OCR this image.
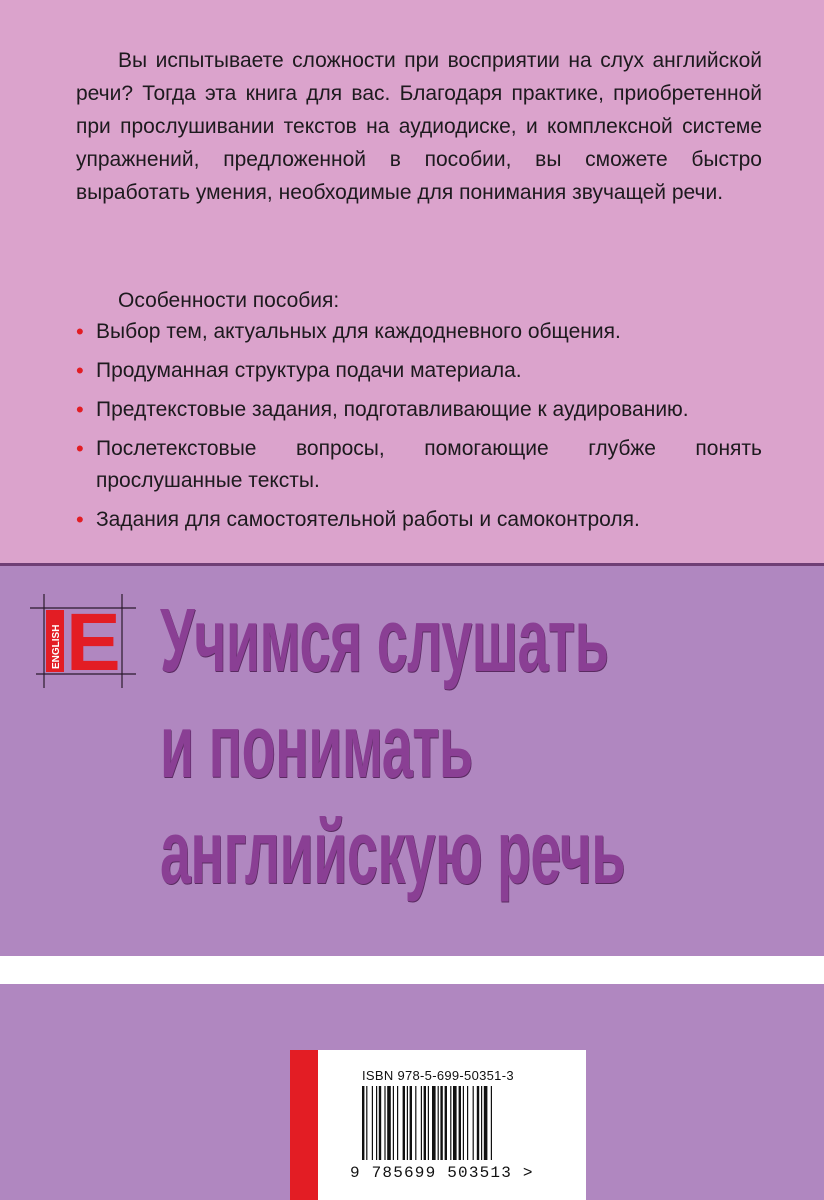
Вы испытываете сложности при восприятии на слух английской речи? Тогда эта книга для вас. Благодаря практике, приобретенной при прослушивании текстов на аудиодиске, и комплексной системе упражнений, предложенной в пособии, вы сможете быстро выработать умения, необходимые для понимания звучащей речи.
Особенности пособия:
• Выбор тем, актуальных для каждодневного общения.
• Продуманная структура подачи материала.
• Предтекстовые задания, подготавливающие к аудированию.
• Послетекстовые вопросы, помогающие глубже понять прослушанные тексты.
• Задания для самостоятельной работы и самоконтроля.
ENGLISH E Учимся слушать
и понимать
английскую речь
ISBN 978-5-699-50351-3
9 785699 503513 >
